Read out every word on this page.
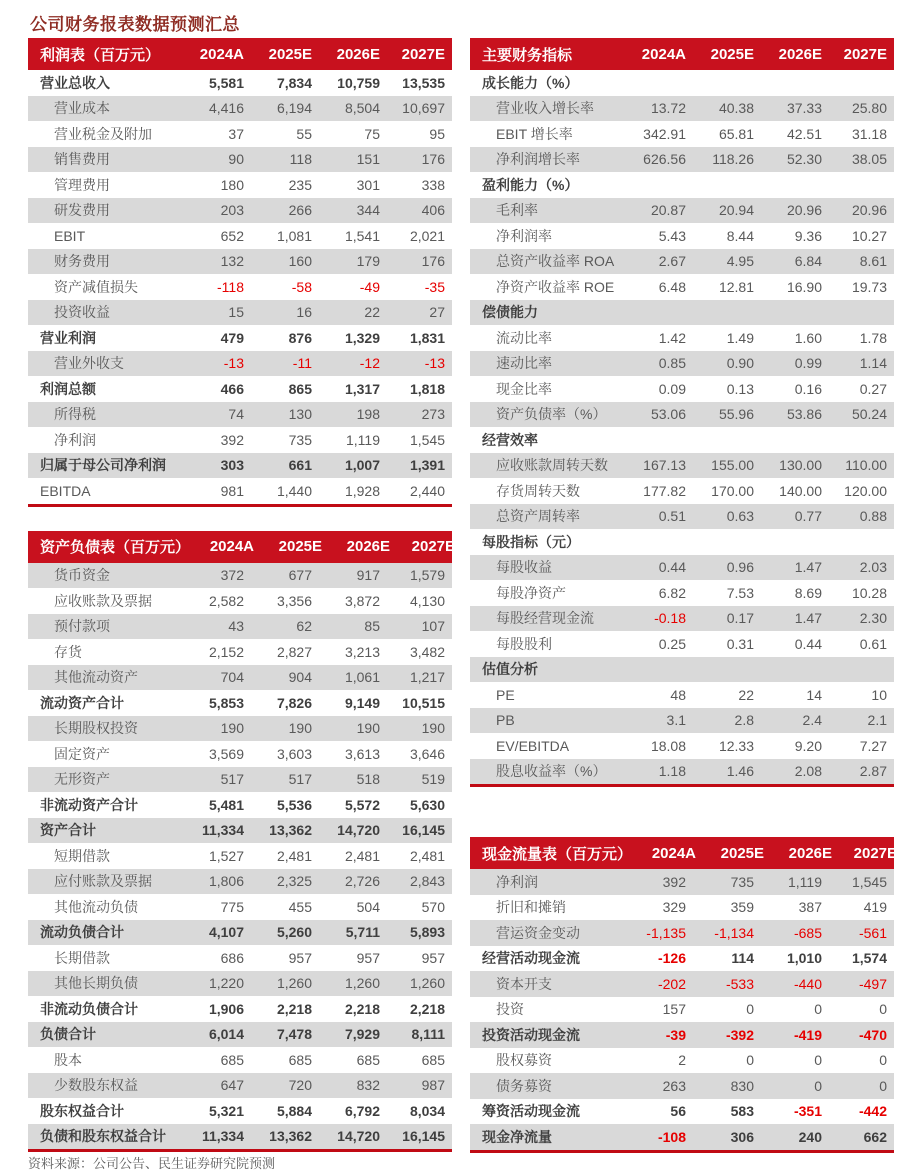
公司财务报表数据预测汇总
利润表（百万元）	2024A	2025E	2026E	2027E
营业总收入	5,581	7,834	10,759	13,535
营业成本	4,416	6,194	8,504	10,697
营业税金及附加	37	55	75	95
销售费用	90	118	151	176
管理费用	180	235	301	338
研发费用	203	266	344	406
EBIT	652	1,081	1,541	2,021
财务费用	132	160	179	176
资产减值损失	-118	-58	-49	-35
投资收益	15	16	22	27
营业利润	479	876	1,329	1,831
营业外收支	-13	-11	-12	-13
利润总额	466	865	1,317	1,818
所得税	74	130	198	273
净利润	392	735	1,119	1,545
归属于母公司净利润	303	661	1,007	1,391
EBITDA	981	1,440	1,928	2,440
资产负债表（百万元）	2024A	2025E	2026E	2027E
货币资金	372	677	917	1,579
应收账款及票据	2,582	3,356	3,872	4,130
预付款项	43	62	85	107
存货	2,152	2,827	3,213	3,482
其他流动资产	704	904	1,061	1,217
流动资产合计	5,853	7,826	9,149	10,515
长期股权投资	190	190	190	190
固定资产	3,569	3,603	3,613	3,646
无形资产	517	517	518	519
非流动资产合计	5,481	5,536	5,572	5,630
资产合计	11,334	13,362	14,720	16,145
短期借款	1,527	2,481	2,481	2,481
应付账款及票据	1,806	2,325	2,726	2,843
其他流动负债	775	455	504	570
流动负债合计	4,107	5,260	5,711	5,893
长期借款	686	957	957	957
其他长期负债	1,220	1,260	1,260	1,260
非流动负债合计	1,906	2,218	2,218	2,218
负债合计	6,014	7,478	7,929	8,111
股本	685	685	685	685
少数股东权益	647	720	832	987
股东权益合计	5,321	5,884	6,792	8,034
负债和股东权益合计	11,334	13,362	14,720	16,145
主要财务指标	2024A	2025E	2026E	2027E
成长能力（%）
营业收入增长率	13.72	40.38	37.33	25.80
EBIT 增长率	342.91	65.81	42.51	31.18
净利润增长率	626.56	118.26	52.30	38.05
盈利能力（%）
毛利率	20.87	20.94	20.96	20.96
净利润率	5.43	8.44	9.36	10.27
总资产收益率 ROA	2.67	4.95	6.84	8.61
净资产收益率 ROE	6.48	12.81	16.90	19.73
偿债能力
流动比率	1.42	1.49	1.60	1.78
速动比率	0.85	0.90	0.99	1.14
现金比率	0.09	0.13	0.16	0.27
资产负债率（%）	53.06	55.96	53.86	50.24
经营效率
应收账款周转天数	167.13	155.00	130.00	110.00
存货周转天数	177.82	170.00	140.00	120.00
总资产周转率	0.51	0.63	0.77	0.88
每股指标（元）
每股收益	0.44	0.96	1.47	2.03
每股净资产	6.82	7.53	8.69	10.28
每股经营现金流	-0.18	0.17	1.47	2.30
每股股利	0.25	0.31	0.44	0.61
估值分析
PE	48	22	14	10
PB	3.1	2.8	2.4	2.1
EV/EBITDA	18.08	12.33	9.20	7.27
股息收益率（%）	1.18	1.46	2.08	2.87
现金流量表（百万元）	2024A	2025E	2026E	2027E
净利润	392	735	1,119	1,545
折旧和摊销	329	359	387	419
营运资金变动	-1,135	-1,134	-685	-561
经营活动现金流	-126	114	1,010	1,574
资本开支	-202	-533	-440	-497
投资	157	0	0	0
投资活动现金流	-39	-392	-419	-470
股权募资	2	0	0	0
债务募资	263	830	0	0
筹资活动现金流	56	583	-351	-442
现金净流量	-108	306	240	662
资料来源：公司公告、民生证券研究院预测
